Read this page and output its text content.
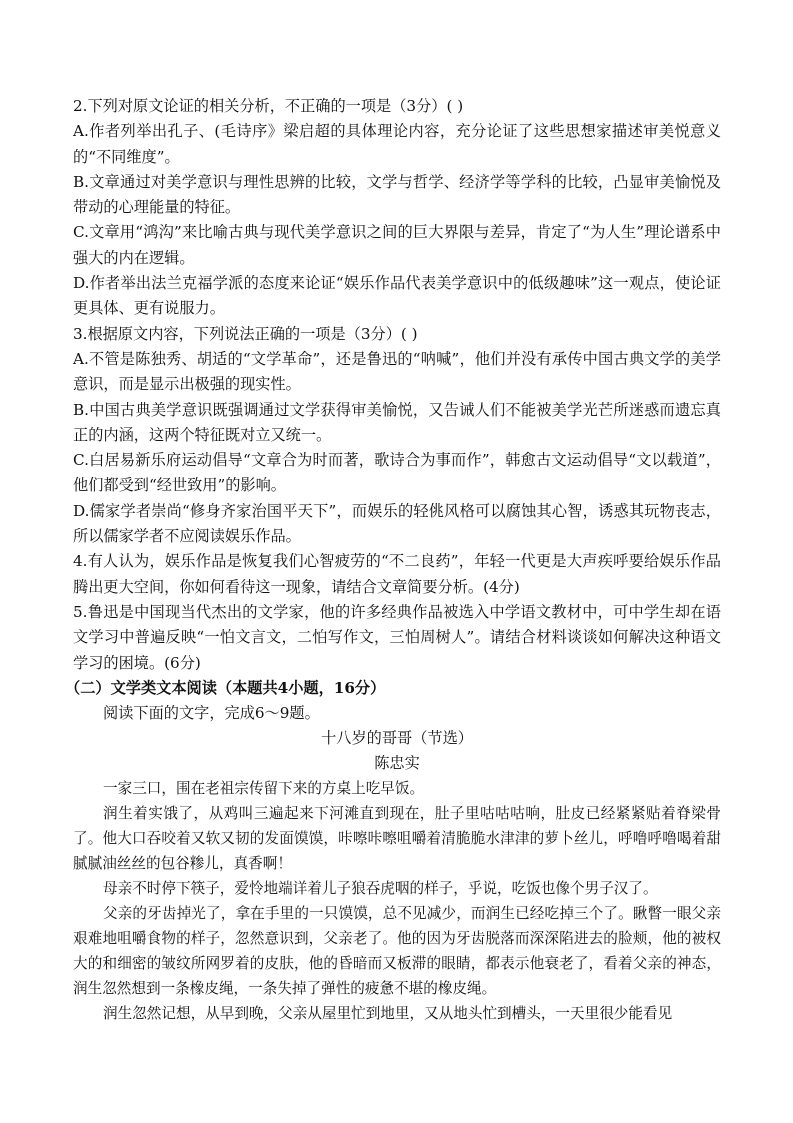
2.下列对原文论证的相关分析，不正确的一项是（3分）( )

A.作者列举出孔子、(毛诗序》梁启超的具体理论内容，充分论证了这些思想家描述审美悦意义的“不同维度”。

B.文章通过对美学意识与理性思辨的比较，文学与哲学、经济学等学科的比较，凸显审美愉悦及带动的心理能量的特征。

C.文章用“鸿沟”来比喻古典与现代美学意识之间的巨大界限与差异，肯定了“为人生”理论谱系中强大的内在逻辑。

D.作者举出法兰克福学派的态度来论证“娱乐作品代表美学意识中的低级趣味”这一观点，使论证更具体、更有说服力。

3.根据原文内容，下列说法正确的一项是（3分）( )

A.不管是陈独秀、胡适的“文学革命”，还是鲁迅的“呐喊”，他们并没有承传中国古典文学的美学意识，而是显示出极强的现实性。

B.中国古典美学意识既强调通过文学获得审美愉悦，又告诫人们不能被美学光芒所迷惑而遗忘真正的内涵，这两个特征既对立又统一。

C.白居易新乐府运动倡导“文章合为时而著，歌诗合为事而作”，韩愈古文运动倡导“文以载道”，他们都受到“经世致用”的影响。

D.儒家学者崇尚“修身齐家治国平天下”，而娱乐的轻佻风格可以腐蚀其心智，诱惑其玩物丧志，所以儒家学者不应阅读娱乐作品。

4.有人认为，娱乐作品是恢复我们心智疲劳的“不二良药”，年轻一代更是大声疾呼要给娱乐作品腾出更大空间，你如何看待这一现象，请结合文章简要分析。(4分)

5.鲁迅是中国现当代杰出的文学家，他的许多经典作品被选入中学语文教材中，可中学生却在语文学习中普遍反映“一怕文言文，二怕写作文，三怕周树人”。请结合材料谈谈如何解决这种语文学习的困境。(6分)

（二）文学类文本阅读（本题共4小题，16分）

阅读下面的文字，完成6～9题。

十八岁的哥哥（节选）

陈忠实

一家三口，围在老祖宗传留下来的方桌上吃早饭。

润生着实饿了，从鸡叫三遍起来下河滩直到现在，肚子里咕咕咕响，肚皮已经紧紧贴着脊梁骨了。他大口吞咬着又软又韧的发面馍馍，咔嚓咔嚓咀嚼着清脆脆水津津的萝卜丝儿，呼噜呼噜喝着甜腻腻油丝丝的包谷糁儿，真香啊！

母亲不时停下筷子，爱怜地端详着儿子狼吞虎咽的样子，乎说，吃饭也像个男子汉了。

父亲的牙齿掉光了，拿在手里的一只馍馍，总不见减少，而润生已经吃掉三个了。瞅瞥一眼父亲艰难地咀嚼食物的样子，忽然意识到，父亲老了。他的因为牙齿脱落而深深陷进去的脸颊，他的被权大的和细密的皱纹所网罗着的皮肤，他的昏暗而又板滞的眼睛，都表示他衰老了，看着父亲的神态，润生忽然想到一条橡皮绳，一条失掉了弹性的疲惫不堪的橡皮绳。

润生忽然记想，从早到晚，父亲从屋里忙到地里，又从地头忙到槽头，一天里很少能看见
